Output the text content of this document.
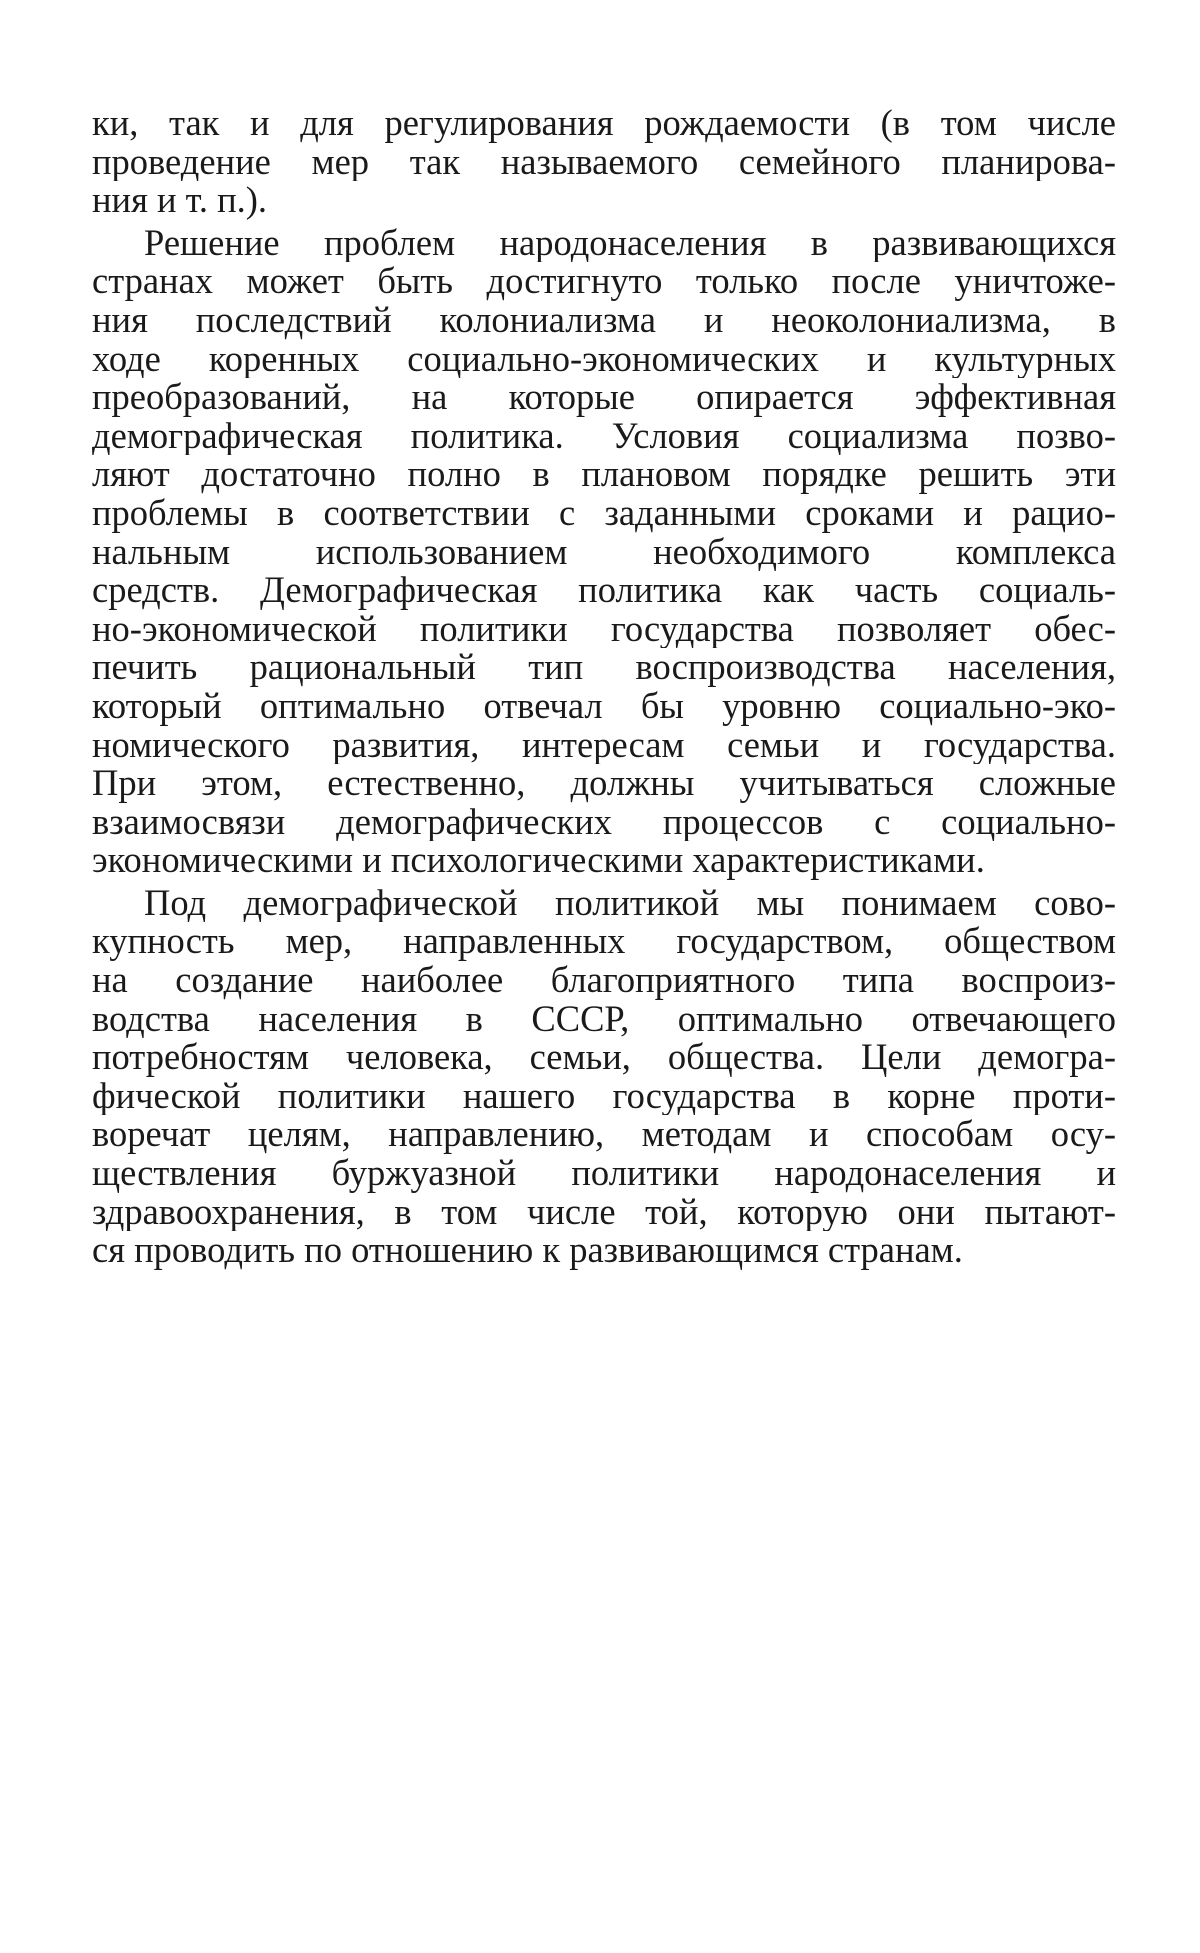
ки, так и для регулирования рождаемости (в том числе
проведение мер так называемого семейного планирова-
ния и т. п.).
Решение проблем народонаселения в развивающихся
странах может быть достигнуто только после уничтоже-
ния последствий колониализма и неоколониализма, в
ходе коренных социально-экономических и культурных
преобразований, на которые опирается эффективная
демографическая политика. Условия социализма позво-
ляют достаточно полно в плановом порядке решить эти
проблемы в соответствии с заданными сроками и рацио-
нальным использованием необходимого комплекса
средств. Демографическая политика как часть социаль-
но-экономической политики государства позволяет обес-
печить рациональный тип воспроизводства населения,
который оптимально отвечал бы уровню социально-эко-
номического развития, интересам семьи и государства.
При этом, естественно, должны учитываться сложные
взаимосвязи демографических процессов с социально-
экономическими и психологическими характеристиками.
Под демографической политикой мы понимаем сово-
купность мер, направленных государством, обществом
на создание наиболее благоприятного типа воспроиз-
водства населения в СССР, оптимально отвечающего
потребностям человека, семьи, общества. Цели демогра-
фической политики нашего государства в корне проти-
воречат целям, направлению, методам и способам осу-
ществления буржуазной политики народонаселения и
здравоохранения, в том числе той, которую они пытают-
ся проводить по отношению к развивающимся странам.
